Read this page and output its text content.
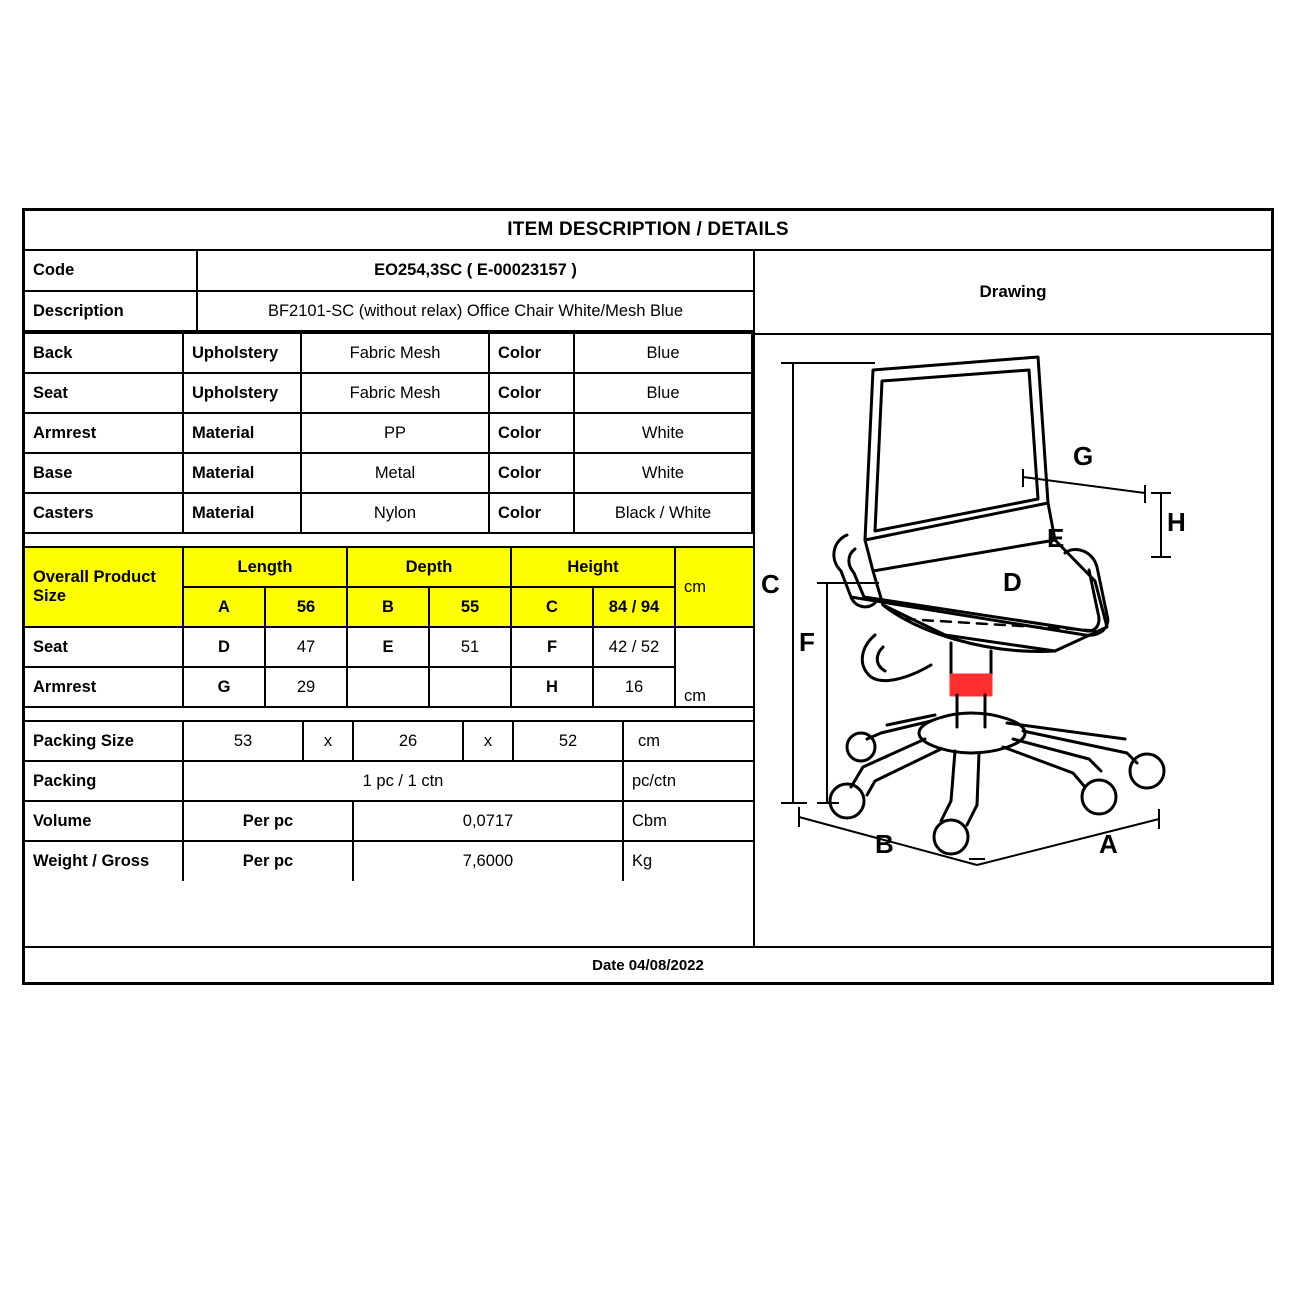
ITEM DESCRIPTION / DETAILS
Code	EO254,3SC ( E-00023157 )
Description	BF2101-SC (without relax) Office Chair White/Mesh Blue
Back	Upholstery	Fabric Mesh	Color	Blue
Seat	Upholstery	Fabric Mesh	Color	Blue
Armrest	Material	PP	Color	White
Base	Material	Metal	Color	White
Casters	Material	Nylon	Color	Black / White
Overall Product Size	Length		Depth		Height		cm
	A	56	B	55	C	84 / 94	
Seat	D	47	E	51	F	42 / 52	cm
Armrest	G	29			H	16	
Packing Size	53	x	26	x	52	cm
Packing	1 pc / 1 ctn					pc/ctn
Volume	Per pc		0,0717			Cbm
Weight / Gross	Per pc		7,6000			Kg
Drawing
C
F
G
H
E
D
B	A
Date 04/08/2022
